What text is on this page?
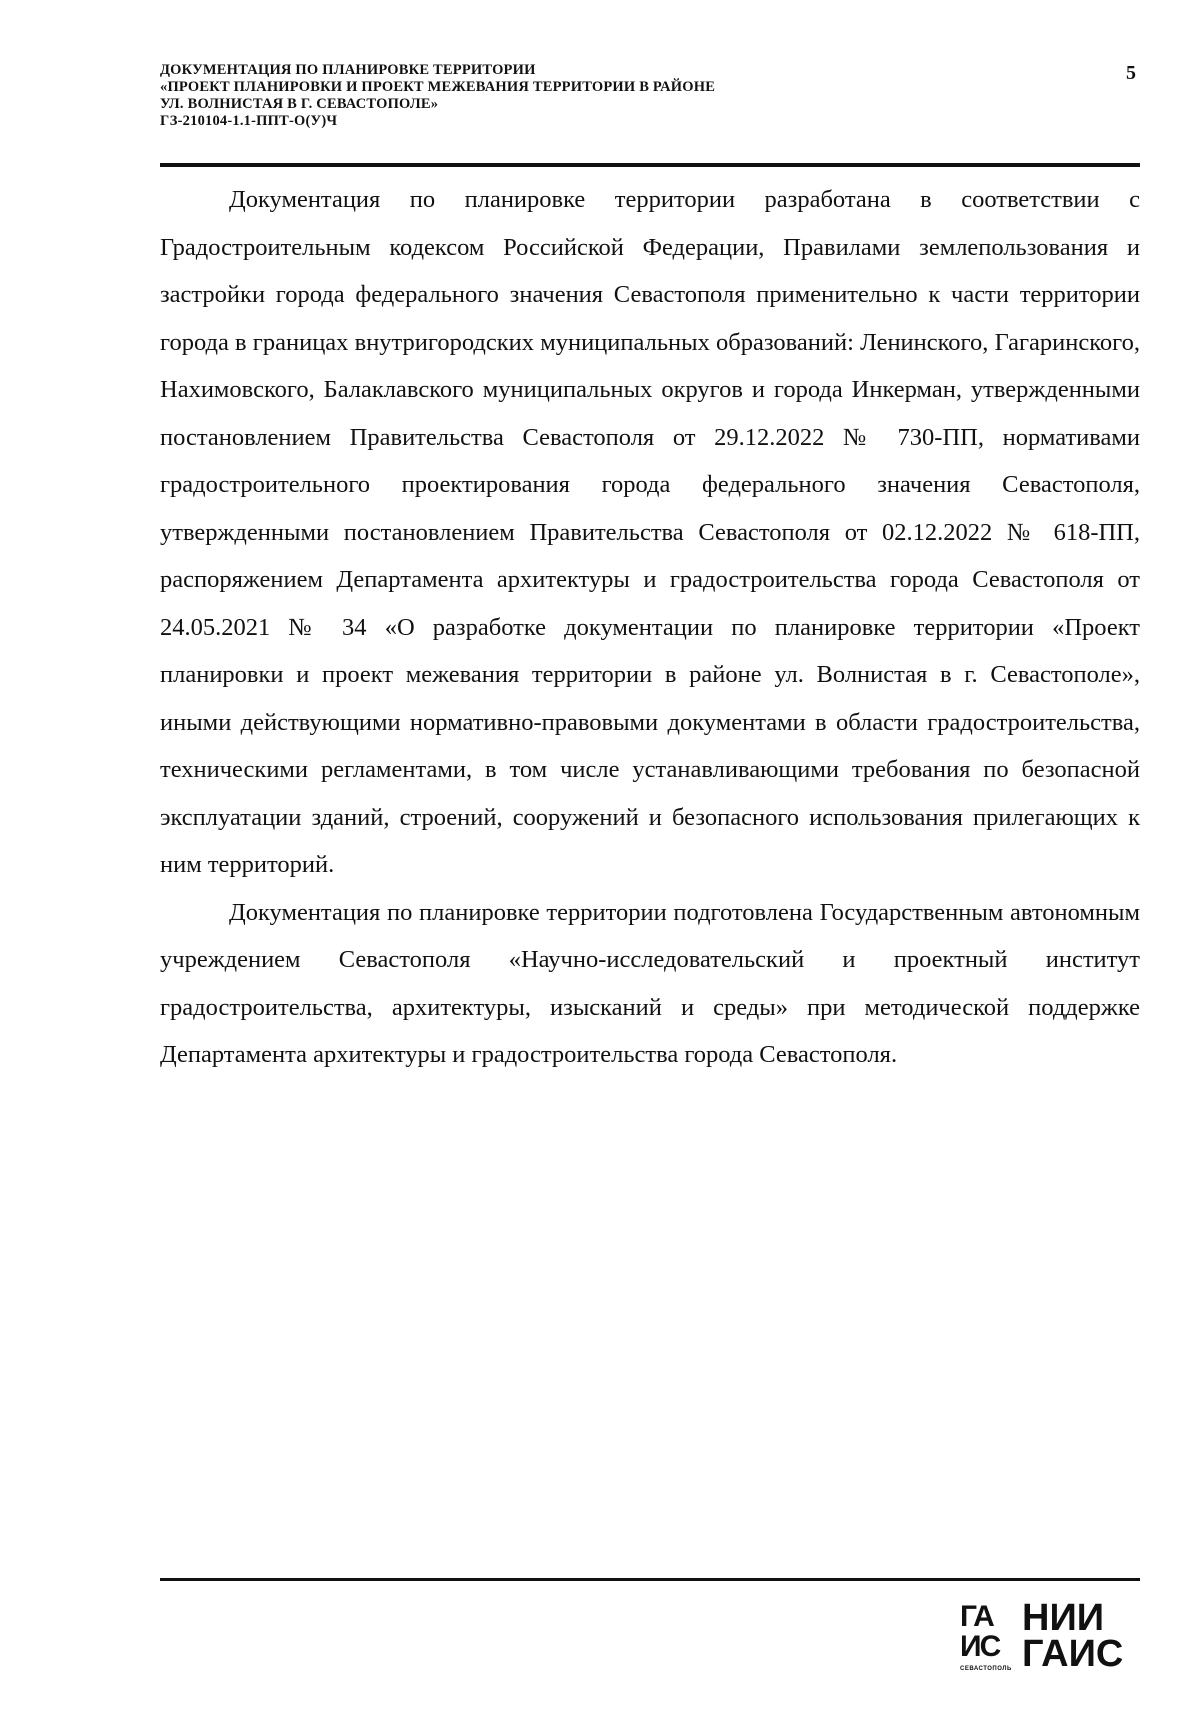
ДОКУМЕНТАЦИЯ ПО ПЛАНИРОВКЕ ТЕРРИТОРИИ
«ПРОЕКТ ПЛАНИРОВКИ И ПРОЕКТ МЕЖЕВАНИЯ ТЕРРИТОРИИ В РАЙОНЕ
УЛ. ВОЛНИСТАЯ В Г. СЕВАСТОПОЛЕ»
ГЗ-210104-1.1-ППТ-О(У)Ч
5

Документация по планировке территории разработана в соответствии с Градостроительным кодексом Российской Федерации, Правилами землепользования и застройки города федерального значения Севастополя применительно к части территории города в границах внутригородских муниципальных образований: Ленинского, Гагаринского, Нахимовского, Балаклавского муниципальных округов и города Инкерман, утвержденными постановлением Правительства Севастополя от 29.12.2022 № 730-ПП, нормативами градостроительного проектирования города федерального значения Севастополя, утвержденными постановлением Правительства Севастополя от 02.12.2022 № 618-ПП, распоряжением Департамента архитектуры и градостроительства города Севастополя от 24.05.2021 № 34 «О разработке документации по планировке территории «Проект планировки и проект межевания территории в районе ул. Волнистая в г. Севастополе», иными действующими нормативно-правовыми документами в области градостроительства, техническими регламентами, в том числе устанавливающими требования по безопасной эксплуатации зданий, строений, сооружений и безопасного использования прилегающих к ним территорий.

Документация по планировке территории подготовлена Государственным автономным учреждением Севастополя «Научно-исследовательский и проектный институт градостроительства, архитектуры, изысканий и среды» при методической поддержке Департамента архитектуры и градостроительства города Севастополя.

ГА
ИС
СЕВАСТОПОЛЬ
НИИ
ГАИС
